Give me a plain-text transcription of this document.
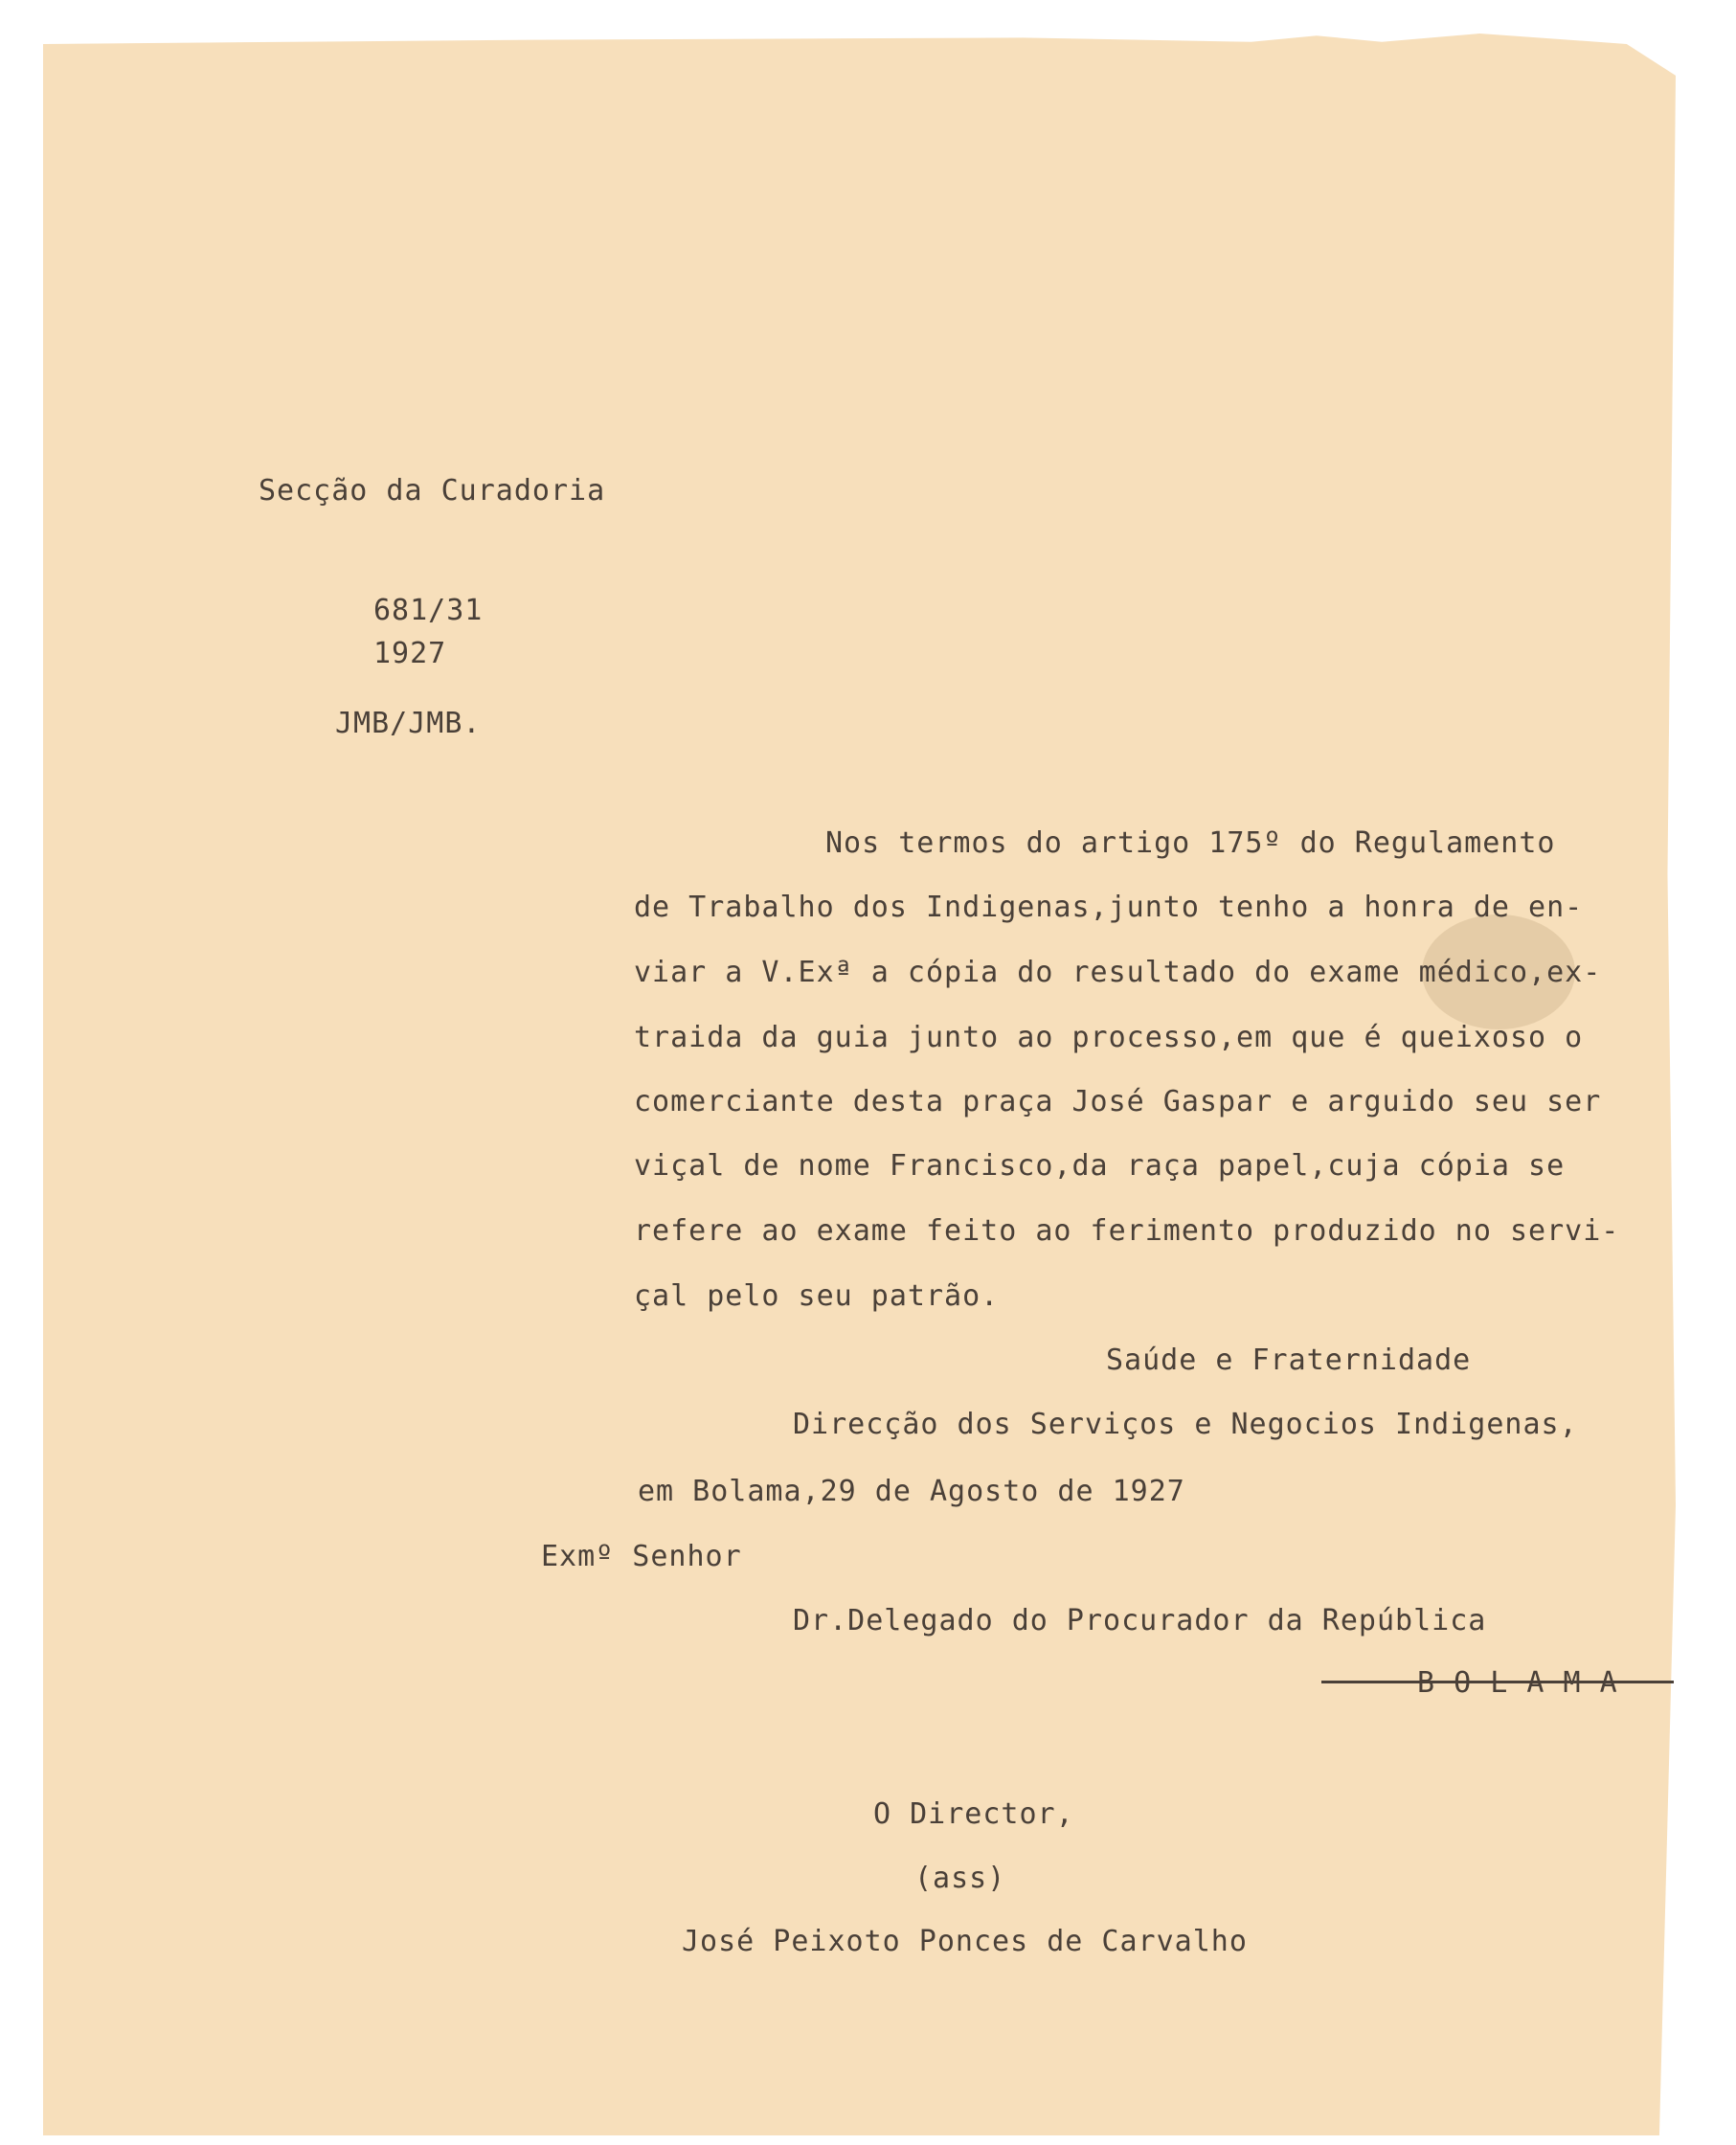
Secção da Curadoria

681/31

1927

JMB/JMB.

Nos termos do artigo 175º do Regulamento

de Trabalho dos Indigenas,junto tenho a honra de en-

viar a V.Exª a cópia do resultado do exame médico,ex-

traida da guia junto ao processo,em que é queixoso o

comerciante desta praça José Gaspar e arguido seu ser

viçal de nome Francisco,da raça papel,cuja cópia se

refere ao exame feito ao ferimento produzido no servi-

çal pelo seu patrão.

Saúde e Fraternidade

Direcção dos Serviços e Negocios Indigenas,

em Bolama,29 de Agosto de 1927

Exmº Senhor

Dr.Delegado do Procurador da República

B O L A M A

O Director,

(ass)

José Peixoto Ponces de Carvalho
